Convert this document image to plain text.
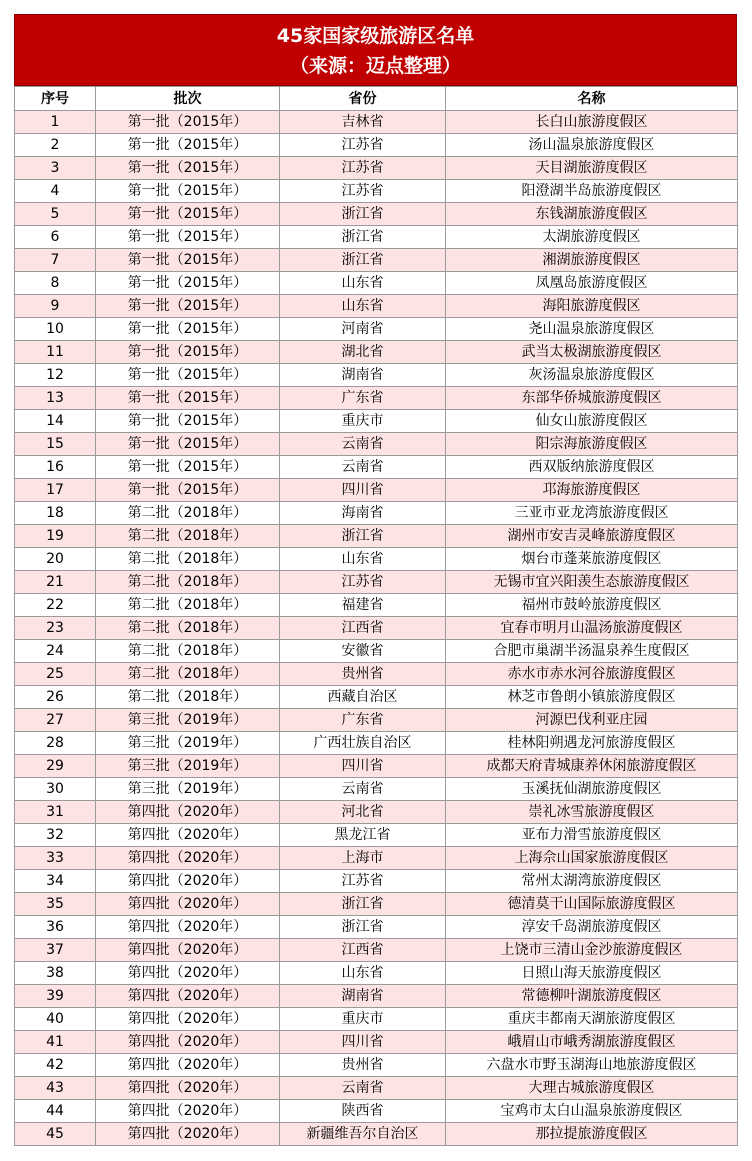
45家国家级旅游区名单
（来源：迈点整理）
序号	批次	省份	名称
1	第一批（2015年）	吉林省	长白山旅游度假区
2	第一批（2015年）	江苏省	汤山温泉旅游度假区
3	第一批（2015年）	江苏省	天目湖旅游度假区
4	第一批（2015年）	江苏省	阳澄湖半岛旅游度假区
5	第一批（2015年）	浙江省	东钱湖旅游度假区
6	第一批（2015年）	浙江省	太湖旅游度假区
7	第一批（2015年）	浙江省	湘湖旅游度假区
8	第一批（2015年）	山东省	凤凰岛旅游度假区
9	第一批（2015年）	山东省	海阳旅游度假区
10	第一批（2015年）	河南省	尧山温泉旅游度假区
11	第一批（2015年）	湖北省	武当太极湖旅游度假区
12	第一批（2015年）	湖南省	灰汤温泉旅游度假区
13	第一批（2015年）	广东省	东部华侨城旅游度假区
14	第一批（2015年）	重庆市	仙女山旅游度假区
15	第一批（2015年）	云南省	阳宗海旅游度假区
16	第一批（2015年）	云南省	西双版纳旅游度假区
17	第一批（2015年）	四川省	邛海旅游度假区
18	第二批（2018年）	海南省	三亚市亚龙湾旅游度假区
19	第二批（2018年）	浙江省	湖州市安吉灵峰旅游度假区
20	第二批（2018年）	山东省	烟台市蓬莱旅游度假区
21	第二批（2018年）	江苏省	无锡市宜兴阳羡生态旅游度假区
22	第二批（2018年）	福建省	福州市鼓岭旅游度假区
23	第二批（2018年）	江西省	宜春市明月山温汤旅游度假区
24	第二批（2018年）	安徽省	合肥市巢湖半汤温泉养生度假区
25	第二批（2018年）	贵州省	赤水市赤水河谷旅游度假区
26	第二批（2018年）	西藏自治区	林芝市鲁朗小镇旅游度假区
27	第三批（2019年）	广东省	河源巴伐利亚庄园
28	第三批（2019年）	广西壮族自治区	桂林阳朔遇龙河旅游度假区
29	第三批（2019年）	四川省	成都天府青城康养休闲旅游度假区
30	第三批（2019年）	云南省	玉溪抚仙湖旅游度假区
31	第四批（2020年）	河北省	崇礼冰雪旅游度假区
32	第四批（2020年）	黑龙江省	亚布力滑雪旅游度假区
33	第四批（2020年）	上海市	上海佘山国家旅游度假区
34	第四批（2020年）	江苏省	常州太湖湾旅游度假区
35	第四批（2020年）	浙江省	德清莫干山国际旅游度假区
36	第四批（2020年）	浙江省	淳安千岛湖旅游度假区
37	第四批（2020年）	江西省	上饶市三清山金沙旅游度假区
38	第四批（2020年）	山东省	日照山海天旅游度假区
39	第四批（2020年）	湖南省	常德柳叶湖旅游度假区
40	第四批（2020年）	重庆市	重庆丰都南天湖旅游度假区
41	第四批（2020年）	四川省	峨眉山市峨秀湖旅游度假区
42	第四批（2020年）	贵州省	六盘水市野玉湖海山地旅游度假区
43	第四批（2020年）	云南省	大理古城旅游度假区
44	第四批（2020年）	陕西省	宝鸡市太白山温泉旅游度假区
45	第四批（2020年）	新疆维吾尔自治区	那拉提旅游度假区
